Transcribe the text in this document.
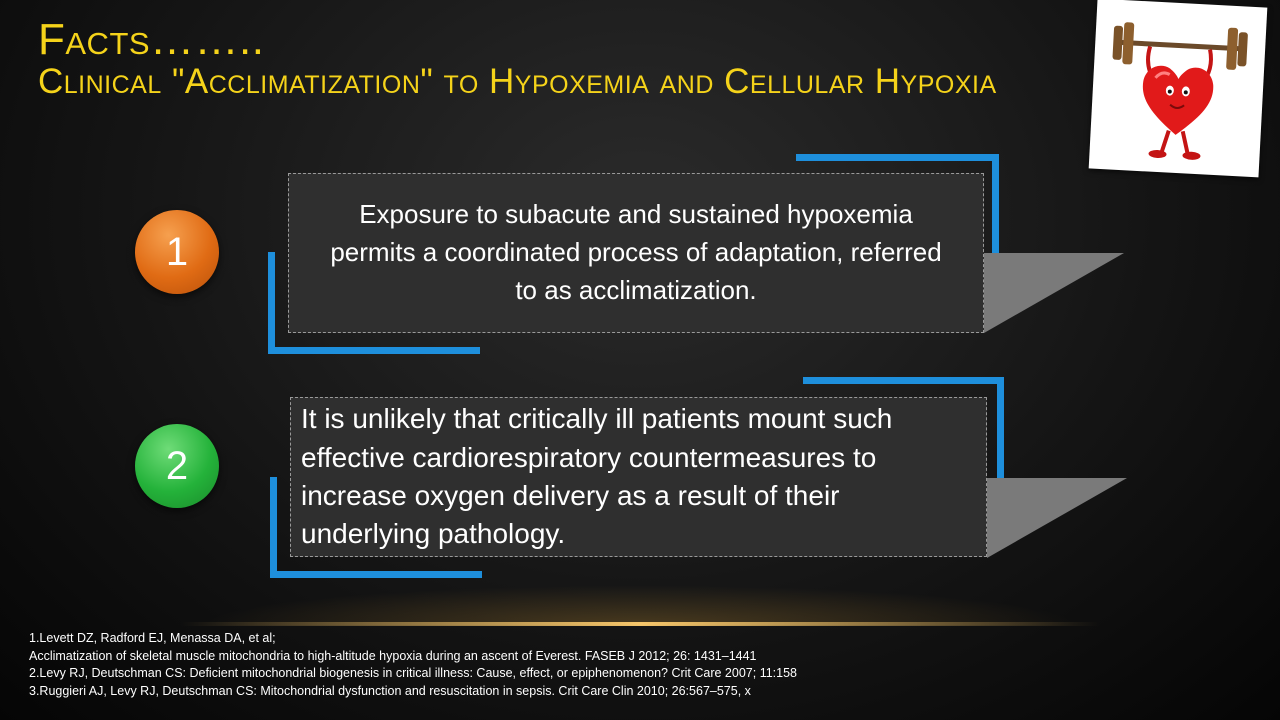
Facts……..
Clinical "Acclimatization" to Hypoxemia and Cellular Hypoxia
1
Exposure to subacute and sustained hypoxemia permits a coordinated process of adaptation, referred to as acclimatization.
2
It is unlikely that critically ill patients mount such effective cardiorespiratory countermeasures to increase oxygen delivery as a result of their underlying pathology.
1.Levett DZ, Radford EJ, Menassa DA, et al;
Acclimatization of skeletal muscle mitochondria to high-altitude hypoxia during an ascent of Everest. FASEB J 2012; 26: 1431–1441
2.Levy RJ, Deutschman CS: Deficient mitochondrial biogenesis in critical illness: Cause, effect, or epiphenomenon? Crit Care 2007; 11:158
3.Ruggieri AJ, Levy RJ, Deutschman CS: Mitochondrial dysfunction and resuscitation in sepsis. Crit Care Clin 2010; 26:567–575, x
